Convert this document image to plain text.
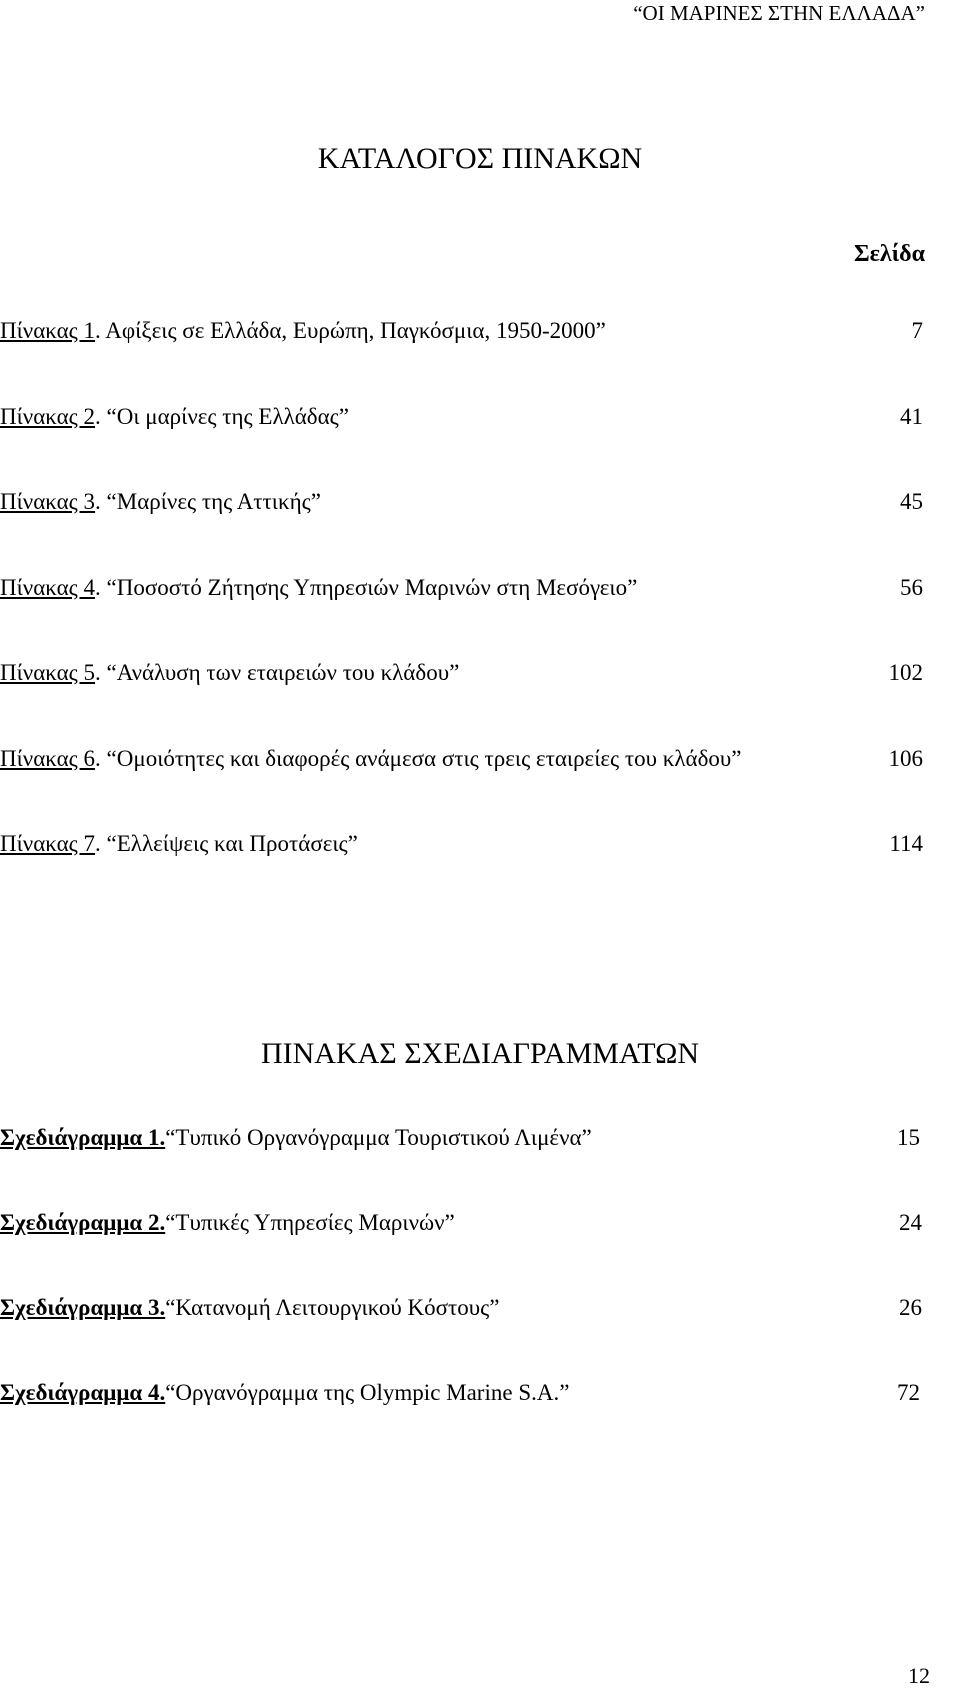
“ΟΙ ΜΑΡΙΝΕΣ ΣΤΗΝ ΕΛΛΑΔΑ”
ΚΑΤΑΛΟΓΟΣ ΠΙΝΑΚΩΝ
Σελίδα
Πίνακας 1. Αφίξεις σε Ελλάδα, Ευρώπη, Παγκόσμια, 1950-2000”	7
Πίνακας 2. “Οι μαρίνες της Ελλάδας”	41
Πίνακας 3. “Μαρίνες της Αττικής”	45
Πίνακας 4. “Ποσοστό Ζήτησης Υπηρεσιών Μαρινών στη Μεσόγειο”	56
Πίνακας 5. “Ανάλυση των εταιρειών του κλάδου”	102
Πίνακας 6. “Ομοιότητες και διαφορές ανάμεσα στις τρεις εταιρείες του κλάδου”	106
Πίνακας 7. “Ελλείψεις και Προτάσεις”	114
ΠΙΝΑΚΑΣ ΣΧΕΔΙΑΓΡΑΜΜΑΤΩΝ
Σχεδιάγραμμα 1.“Τυπικό Οργανόγραμμα Τουριστικού Λιμένα”	15
Σχεδιάγραμμα 2.“Τυπικές Υπηρεσίες Μαρινών”	24
Σχεδιάγραμμα 3.“Κατανομή Λειτουργικού Κόστους”	26
Σχεδιάγραμμα 4.“Οργανόγραμμα της Olympic Marine S.A.”	72
12
